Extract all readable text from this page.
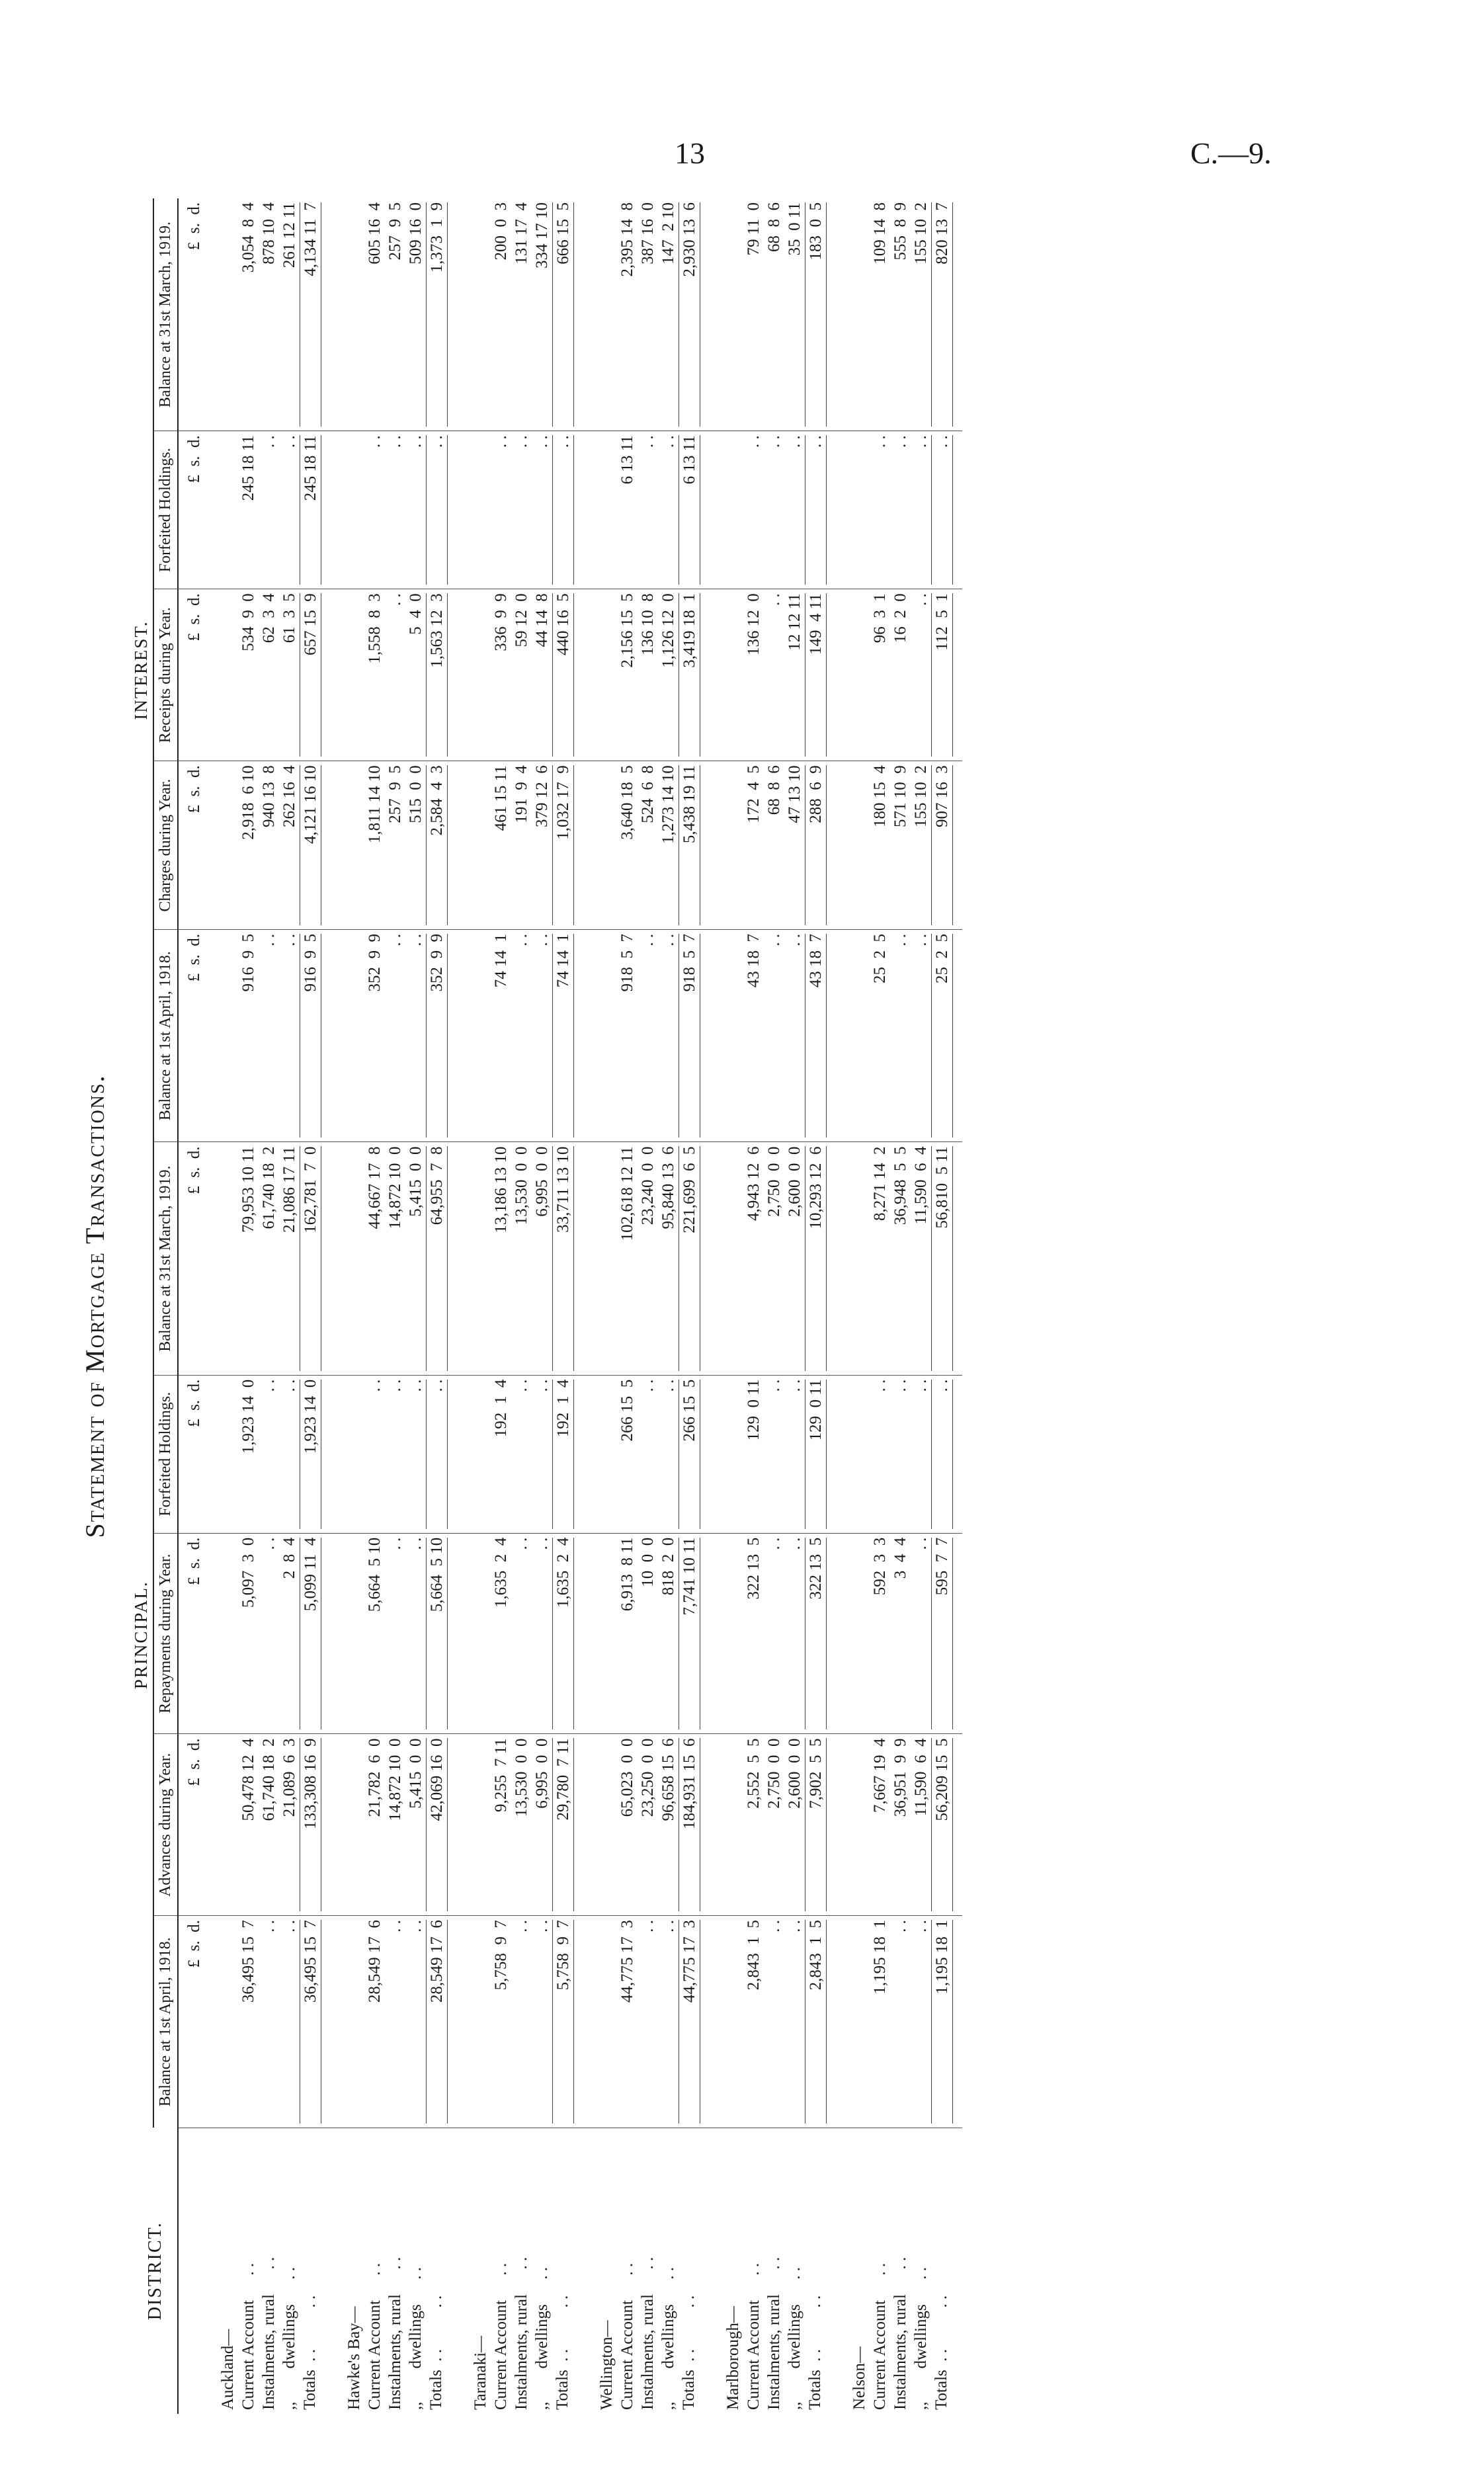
13	C.—9.
Statement of Mortgage Transactions.
DISTRICT.	PRINCIPAL.					INTEREST.				
	Balance at 1st April, 1918.	Advances during Year.	Repayments during Year.	Forfeited Holdings.	Balance at 31st March, 1919.	Balance at 1st April, 1918.	Charges during Year.	Receipts during Year.	Forfeited Holdings.	Balance at 31st March, 1919.
	£  s.  d.	£  s.  d.	£  s.  d.	£  s.  d.	£  s.  d.	£  s.  d.	£  s.  d.	£  s.  d.	£  s.  d.	£  s.  d.
Auckland—										
Current Account      . .	36,495 15  7	50,478 12  4	5,097  3  0	1,923 14  0	79,953 10 11	916  9  5	2,918  6 10	534  9  0	245 18 11	3,054  8  4
Instalments, rural      . .	. .	61,740 18  2	. .	. .	61,740 18  2	. .	940 13  8	62  3  4	. .	878 10  4
,,        dwellings      . .	. .	21,089  6  3	2  8  4	. .	21,086 17 11	. .	262 16  4	61  3  5	. .	261 12 11
Totals  . .          . .	36,495 15  7	133,308 16  9	5,099 11  4	1,923 14  0	162,781  7  0	916  9  5	4,121 16 10	657 15  9	245 18 11	4,134 11  7
Hawke's Bay—										
Current Account      . .	28,549 17  6	21,782  6  0	5,664  5 10	. .	44,667 17  8	352  9  9	1,811 14 10	1,558  8  3	. .	605 16  4
Instalments, rural      . .	. .	14,872 10  0	. .	. .	14,872 10  0	. .	257  9  5	. .	. .	257  9  5
,,        dwellings      . .	. .	5,415  0  0	. .	. .	5,415  0  0	. .	515  0  0	5  4  0	. .	509 16  0
Totals  . .          . .	28,549 17  6	42,069 16  0	5,664  5 10	. .	64,955  7  8	352  9  9	2,584  4  3	1,563 12  3	. .	1,373  1  9
Taranaki—										
Current Account      . .	5,758  9  7	9,255  7 11	1,635  2  4	192  1  4	13,186 13 10	74 14  1	461 15 11	336  9  9	. .	200  0  3
Instalments, rural      . .	. .	13,530  0  0	. .	. .	13,530  0  0	. .	191  9  4	59 12  0	. .	131 17  4
,,        dwellings      . .	. .	6,995  0  0	. .	. .	6,995  0  0	. .	379 12  6	44 14  8	. .	334 17 10
Totals  . .          . .	5,758  9  7	29,780  7 11	1,635  2  4	192  1  4	33,711 13 10	74 14  1	1,032 17  9	440 16  5	. .	666 15  5
Wellington—										
Current Account      . .	44,775 17  3	65,023  0  0	6,913  8 11	266 15  5	102,618 12 11	918  5  7	3,640 18  5	2,156 15  5	6 13 11	2,395 14  8
Instalments, rural      . .	. .	23,250  0  0	10  0  0	. .	23,240  0  0	. .	524  6  8	136 10  8	. .	387 16  0
,,        dwellings      . .	. .	96,658 15  6	818  2  0	. .	95,840 13  6	. .	1,273 14 10	1,126 12  0	. .	147  2 10
Totals  . .          . .	44,775 17  3	184,931 15  6	7,741 10 11	266 15  5	221,699  6  5	918  5  7	5,438 19 11	3,419 18  1	6 13 11	2,930 13  6
Marlborough—										
Current Account      . .	2,843  1  5	2,552  5  5	322 13  5	129  0 11	4,943 12  6	43 18  7	172  4  5	136 12  0	. .	79 11  0
Instalments, rural      . .	. .	2,750  0  0	. .	. .	2,750  0  0	. .	68  8  6	. .	. .	68  8  6
,,        dwellings      . .	. .	2,600  0  0	. .	. .	2,600  0  0	. .	47 13 10	12 12 11	. .	35  0 11
Totals  . .          . .	2,843  1  5	7,902  5  5	322 13  5	129  0 11	10,293 12  6	43 18  7	288  6  9	149  4 11	. .	183  0  5
Nelson—										
Current Account      . .	1,195 18  1	7,667 19  4	592  3  3	. .	8,271 14  2	25  2  5	180 15  4	96  3  1	. .	109 14  8
Instalments, rural      . .	. .	36,951  9  9	3  4  4	. .	36,948  5  5	. .	571 10  9	16  2  0	. .	555  8  9
,,        dwellings      . .	. .	11,590  6  4	. .	. .	11,590  6  4	. .	155 10  2	. .	. .	155 10  2
Totals  . .          . .	1,195 18  1	56,209 15  5	595  7  7	. .	56,810  5 11	25  2  5	907 16  3	112  5  1	. .	820 13  7
